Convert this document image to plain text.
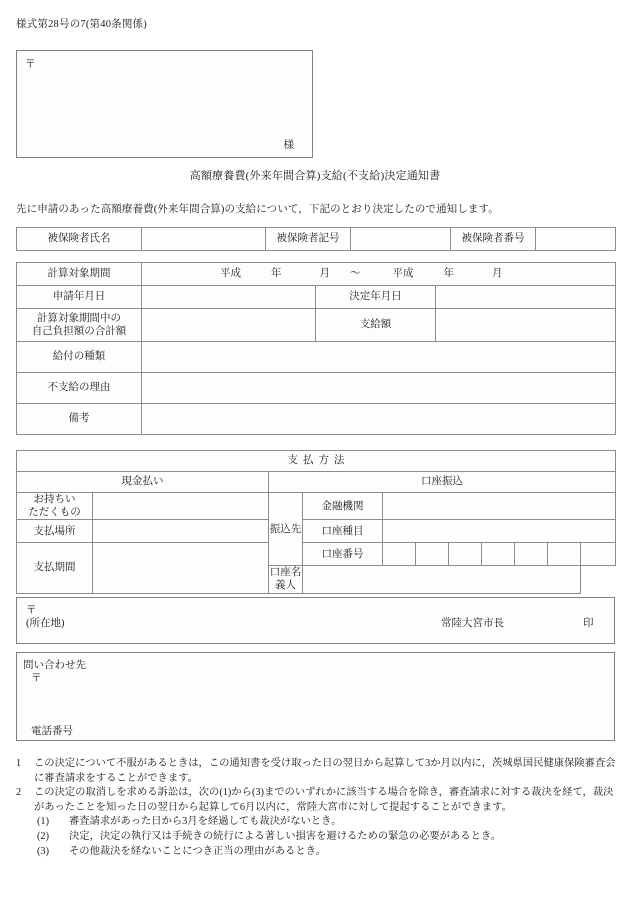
様式第28号の7(第40条関係)
〒
様
高額療養費(外来年間合算)支給(不支給)決定通知書
先に申請のあった高額療養費(外来年間合算)の支給について，下記のとおり決定したので通知します。
被保険者氏名		被保険者記号		被保険者番号	
計算対象期間	平成	年	月 〜	平成	年	月

申請年月日		決定年月日	
計算対象期間中の
自己負担額の合計額		支給額	
給付の種類			
不支給の理由			
備考			
支払方法										
現金払い		口座振込								
お持ちい
ただくもの		振込先	金融機関							
支払場所			口座種目							
支払期間			口座番号							
		口座名義人								
〒
(所在地)	常陸大宮市長	印
問い合わせ先
〒
電話番号
1 この決定について不服があるときは，この通知書を受け取った日の翌日から起算して3か月以内に，茨城県国民健康保険審査会に審査請求をすることができます。
2 この決定の取消しを求める訴訟は，次の(1)から(3)までのいずれかに該当する場合を除き，審査請求に対する裁決を経て，裁決があったことを知った日の翌日から起算して6月以内に，常陸大宮市に対して提起することができます。
(1) 審査請求があった日から3月を経過しても裁決がないとき。
(2) 決定，決定の執行又は手続きの続行による著しい損害を避けるための緊急の必要があるとき。
(3) その他裁決を経ないことにつき正当の理由があるとき。
